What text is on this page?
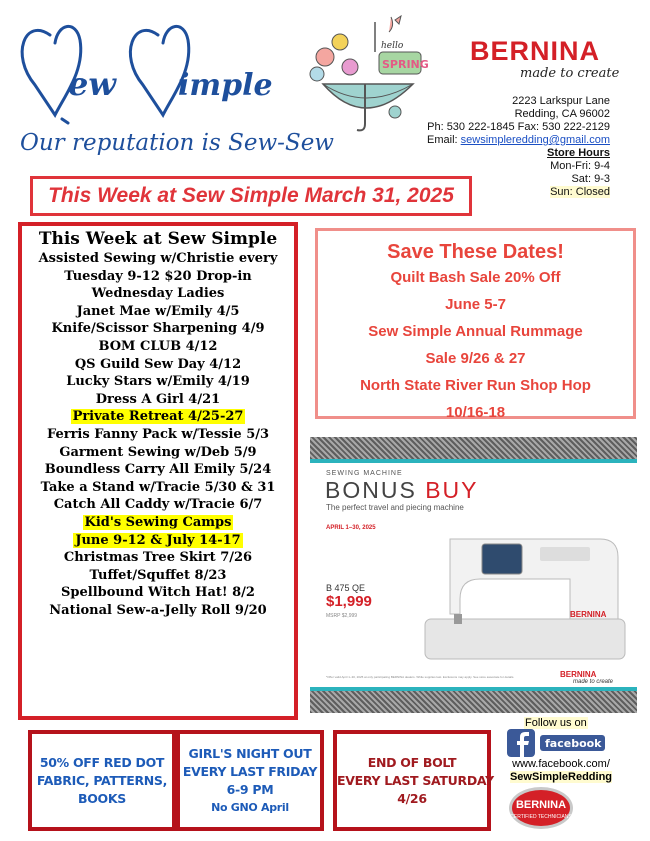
ew imple
Our reputation is Sew-Sew
SPRING
hello BERNINA
made to create
2223 Larkspur Lane
Redding, CA 96002
Ph: 530 222-1845 Fax: 530 222-2129
Email: sewsimpleredding@gmail.com
Store Hours
Mon-Fri: 9-4
Sat: 9-3
Sun: Closed
This Week at Sew Simple March 31, 2025
This Week at Sew Simple
Assisted Sewing w/Christie every
Tuesday 9-12 $20 Drop-in
Wednesday Ladies
Janet Mae w/Emily 4/5
Knife/Scissor Sharpening 4/9
BOM CLUB 4/12
QS Guild Sew Day 4/12
Lucky Stars w/Emily 4/19
Dress A Girl 4/21
Private Retreat 4/25-27
Ferris Fanny Pack w/Tessie 5/3
Garment Sewing w/Deb 5/9
Boundless Carry All Emily 5/24
Take a Stand w/Tracie 5/30 & 31
Catch All Caddy w/Tracie 6/7
Kid's Sewing Camps
June 9-12 & July 14-17
Christmas Tree Skirt 7/26
Tuffet/Squffet 8/23
Spellbound Witch Hat! 8/2
National Sew-a-Jelly Roll 9/20
Save These Dates!
Quilt Bash Sale 20% Off
June 5-7
Sew Simple Annual Rummage
Sale 9/26 & 27
North State River Run Shop Hop
10/16-18
SEWING MACHINE
BONUS BUY
The perfect travel and piecing machine
APRIL 1–30, 2025
BERNINA
B 475 QE
$1,999
MSRP $2,999
*Offer valid April 1–30, 2025 at only participating BERNINA dealers. While supplies last. Exclusions may apply. See store associate for details.	BERNINA
made to create
50% OFF RED DOT
FABRIC, PATTERNS,
BOOKS
GIRL'S NIGHT OUT
EVERY LAST FRIDAY
6-9 PM
No GNO April
END OF BOLT
EVERY LAST SATURDAY
4/26
Follow us on
facebook
www.facebook.com/
SewSimpleRedding
BERNINA
CERTIFIED TECHNICIANS
